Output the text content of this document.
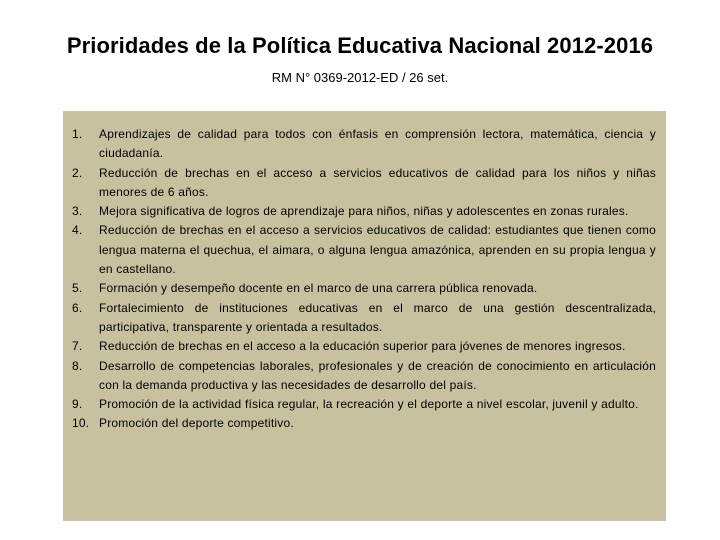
Prioridades de la Política Educativa Nacional 2012-2016
RM N° 0369-2012-ED / 26 set.
1.	Aprendizajes de calidad para todos con énfasis en comprensión lectora, matemática, ciencia y ciudadanía.
2.	Reducción de brechas en el acceso a servicios educativos de calidad para los niños y niñas menores de 6 años.
3.	Mejora significativa de logros de aprendizaje para niños, niñas y adolescentes en zonas rurales.
4.	Reducción de brechas en el acceso a servicios educativos de calidad: estudiantes que tienen como lengua materna el quechua, el aimara, o alguna lengua amazónica, aprenden en su propia lengua y en castellano.
5.	Formación y desempeño docente en el marco de una carrera pública renovada.
6.	Fortalecimiento de instituciones educativas en el marco de una gestión descentralizada, participativa, transparente y orientada a resultados.
7.	Reducción de brechas en el acceso a la educación superior para jóvenes de menores ingresos.
8.	Desarrollo de competencias laborales, profesionales y de creación de conocimiento en articulación con la demanda productiva y las necesidades de desarrollo del país.
9.	Promoción de la actividad física regular, la recreación y el deporte a nivel escolar, juvenil y adulto.
10. Promoción del deporte competitivo.
